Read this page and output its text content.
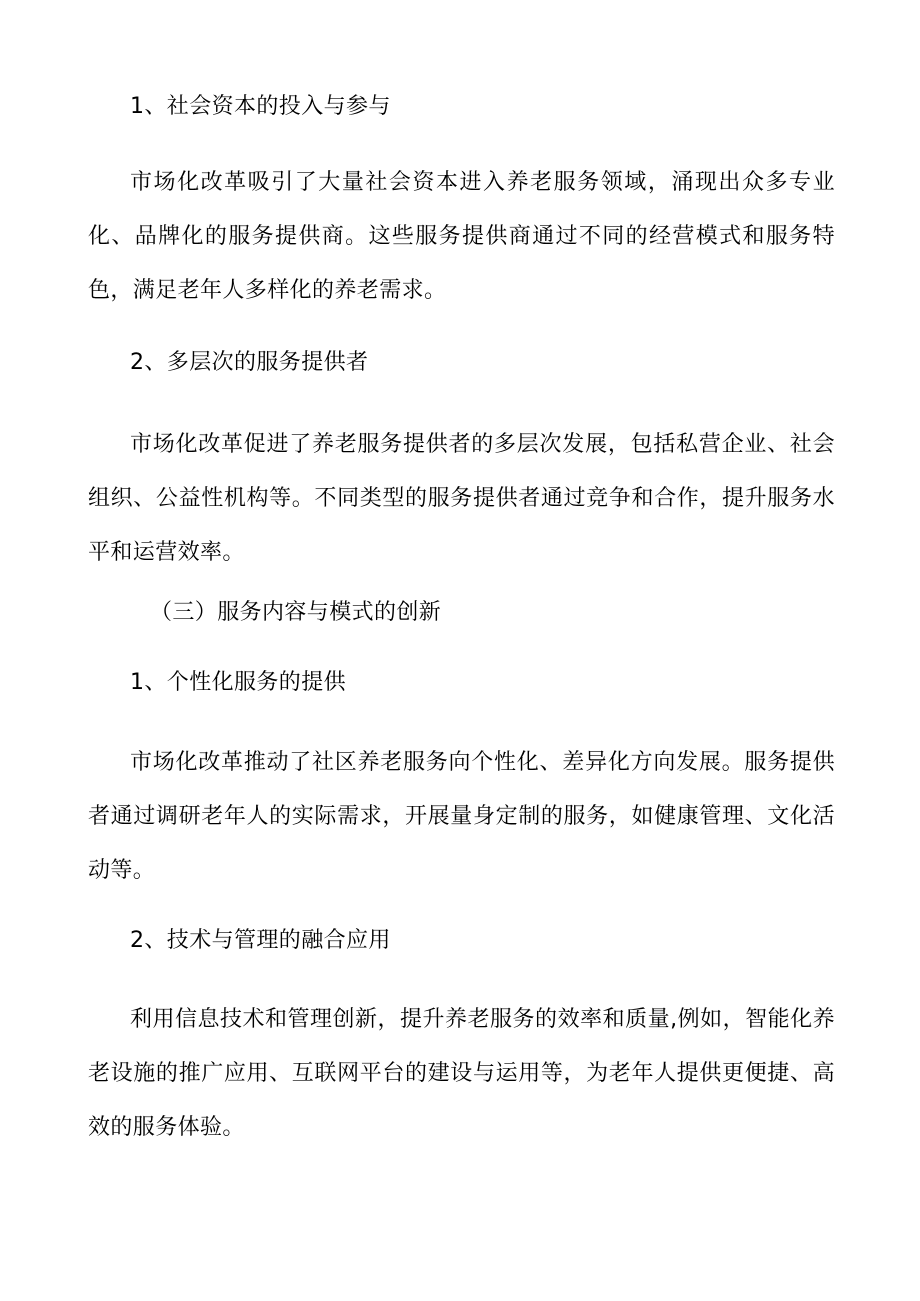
1、社会资本的投入与参与

市场化改革吸引了大量社会资本进入养老服务领域，涌现出众多专业化、品牌化的服务提供商。这些服务提供商通过不同的经营模式和服务特色，满足老年人多样化的养老需求。

2、多层次的服务提供者

市场化改革促进了养老服务提供者的多层次发展，包括私营企业、社会组织、公益性机构等。不同类型的服务提供者通过竞争和合作，提升服务水平和运营效率。

（三）服务内容与模式的创新

1、个性化服务的提供

市场化改革推动了社区养老服务向个性化、差异化方向发展。服务提供者通过调研老年人的实际需求，开展量身定制的服务，如健康管理、文化活动等。

2、技术与管理的融合应用

利用信息技术和管理创新，提升养老服务的效率和质量,例如，智能化养老设施的推广应用、互联网平台的建设与运用等，为老年人提供更便捷、高效的服务体验。
